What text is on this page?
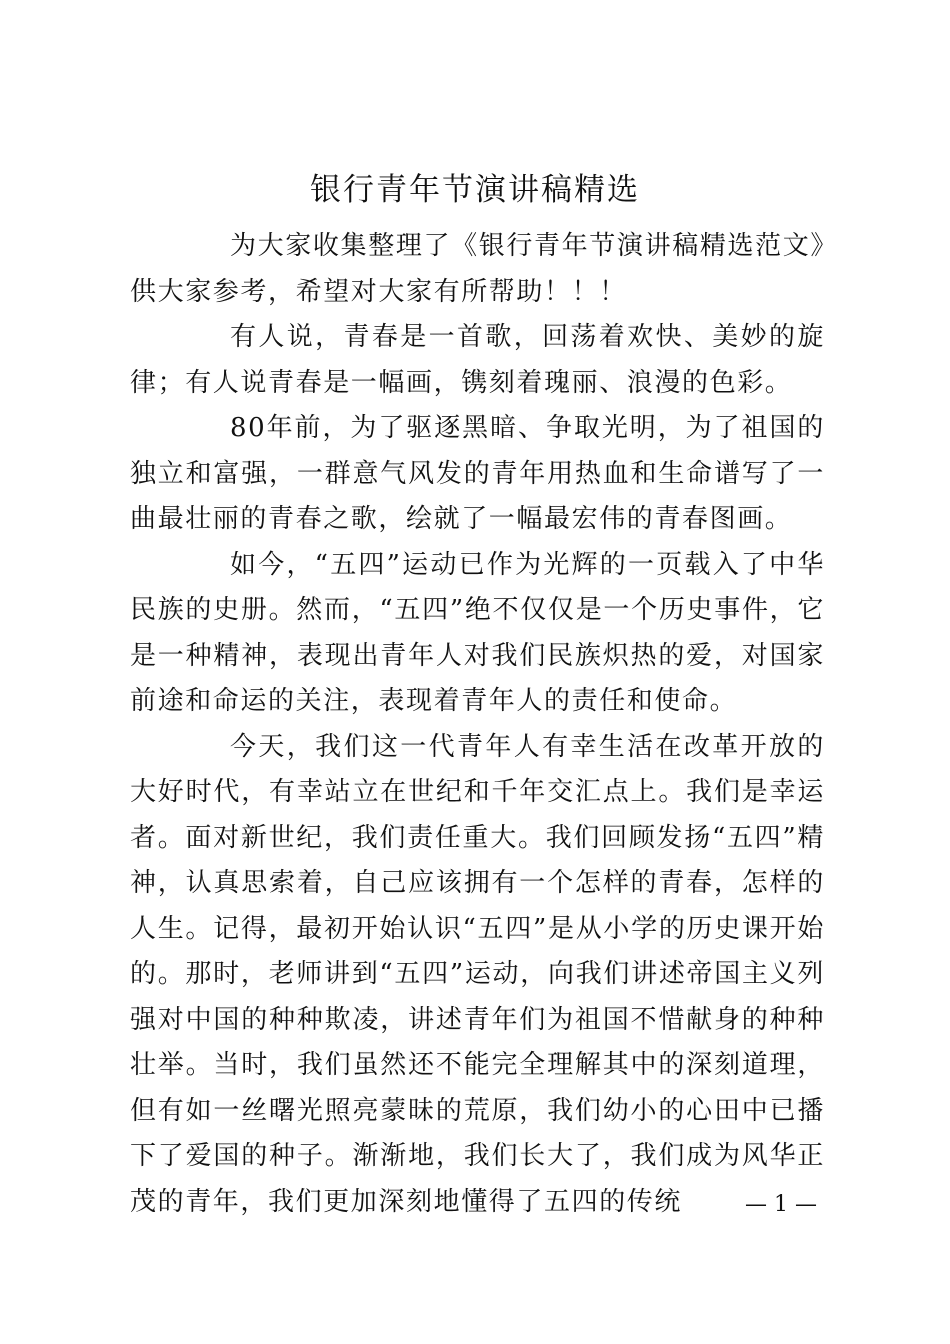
银行青年节演讲稿精选

为大家收集整理了《银行青年节演讲稿精选范文》供大家参考，希望对大家有所帮助！！！

有人说，青春是一首歌，回荡着欢快、美妙的旋律；有人说青春是一幅画，镌刻着瑰丽、浪漫的色彩。

80年前，为了驱逐黑暗、争取光明，为了祖国的独立和富强，一群意气风发的青年用热血和生命谱写了一曲最壮丽的青春之歌，绘就了一幅最宏伟的青春图画。

如今，“五四”运动已作为光辉的一页载入了中华民族的史册。然而，“五四”绝不仅仅是一个历史事件，它是一种精神，表现出青年人对我们民族炽热的爱，对国家前途和命运的关注，表现着青年人的责任和使命。

今天，我们这一代青年人有幸生活在改革开放的大好时代，有幸站立在世纪和千年交汇点上。我们是幸运者。面对新世纪，我们责任重大。我们回顾发扬“五四”精神，认真思索着，自己应该拥有一个怎样的青春，怎样的人生。记得，最初开始认识“五四”是从小学的历史课开始的。那时，老师讲到“五四”运动，向我们讲述帝国主义列强对中国的种种欺凌，讲述青年们为祖国不惜献身的种种壮举。当时，我们虽然还不能完全理解其中的深刻道理，但有如一丝曙光照亮蒙昧的荒原，我们幼小的心田中已播下了爱国的种子。渐渐地，我们长大了，我们成为风华正茂的青年，我们更加深刻地懂得了五四的传统	— 1 —
